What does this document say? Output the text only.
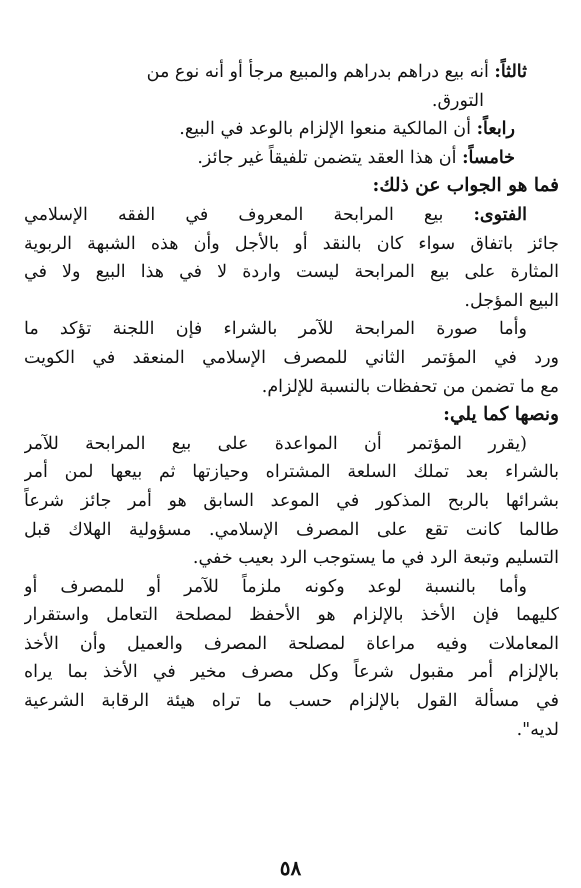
ثالثاً: أنه بيع دراهم بدراهم والمبيع مرجأ أو أنه نوع من
التورق.
رابعاً: أن المالكية منعوا الإلزام بالوعد في البيع.
خامساً: أن هذا العقد يتضمن تلفيقاً غير جائز.
فما هو الجواب عن ذلك:
الفتوى: بيع المرابحة المعروف في الفقه الإسلامي
جائز باتفاق سواء كان بالنقد أو بالأجل وأن هذه الشبهة الربوية
المثارة على بيع المرابحة ليست واردة لا في هذا البيع ولا في
البيع المؤجل.
وأما صورة المرابحة للآمر بالشراء فإن اللجنة تؤكد ما
ورد في المؤتمر الثاني للمصرف الإسلامي المنعقد في الكويت
مع ما تضمن من تحفظات بالنسبة للإلزام.
ونصها كما يلي:
(يقرر المؤتمر أن المواعدة على بيع المرابحة للآمر
بالشراء بعد تملك السلعة المشتراه وحيازتها ثم بيعها لمن أمر
بشرائها بالربح المذكور في الموعد السابق هو أمر جائز شرعاً
طالما كانت تقع على المصرف الإسلامي. مسؤولية الهلاك قبل
التسليم وتبعة الرد في ما يستوجب الرد بعيب خفي.
وأما بالنسبة لوعد وكونه ملزماً للآمر أو للمصرف أو
كليهما فإن الأخذ بالإلزام هو الأحفظ لمصلحة التعامل واستقرار
المعاملات وفيه مراعاة لمصلحة المصرف والعميل وأن الأخذ
بالإلزام أمر مقبول شرعاً وكل مصرف مخير في الأخذ بما يراه
في مسألة القول بالإلزام حسب ما تراه هيئة الرقابة الشرعية
لديه".
٥٨
